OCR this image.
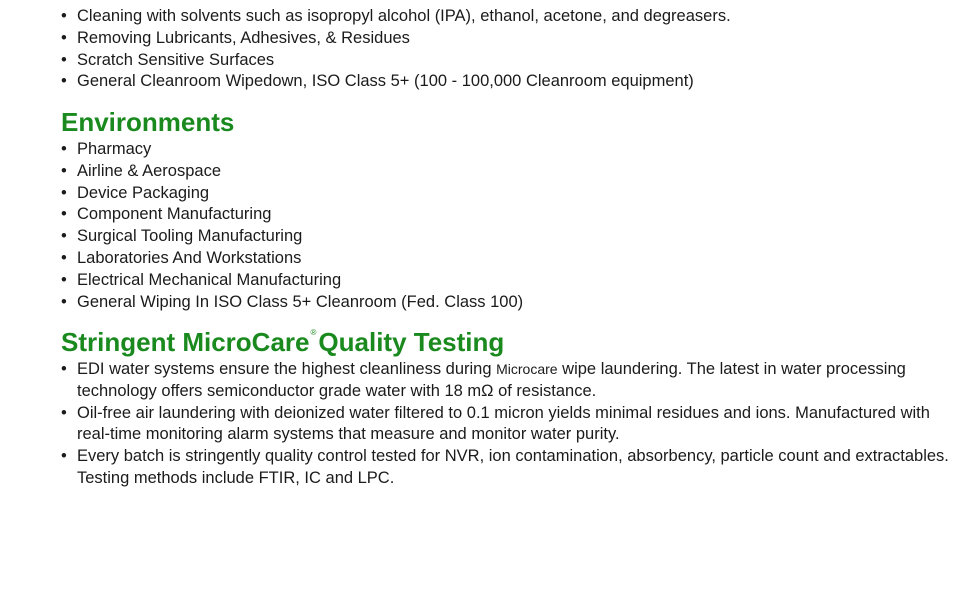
• Cleaning with solvents such as isopropyl alcohol (IPA), ethanol, acetone, and degreasers.
• Removing Lubricants, Adhesives, & Residues
• Scratch Sensitive Surfaces
• General Cleanroom Wipedown, ISO Class 5+ (100 - 100,000 Cleanroom equipment)
Environments
• Pharmacy
• Airline & Aerospace
• Device Packaging
• Component Manufacturing
• Surgical Tooling Manufacturing
• Laboratories And Workstations
• Electrical Mechanical Manufacturing
• General Wiping In ISO Class 5+ Cleanroom (Fed. Class 100)
Stringent MicroCare®Quality Testing
• EDI water systems ensure the highest cleanliness during Microcare wipe laundering. The latest in water processing technology offers semiconductor grade water with 18 mΩ of resistance.
• Oil-free air laundering with deionized water filtered to 0.1 micron yields minimal residues and ions. Manufactured with real-time monitoring alarm systems that measure and monitor water purity.
• Every batch is stringently quality control tested for NVR, ion contamination, absorbency, particle count and extractables. Testing methods include FTIR, IC and LPC.
